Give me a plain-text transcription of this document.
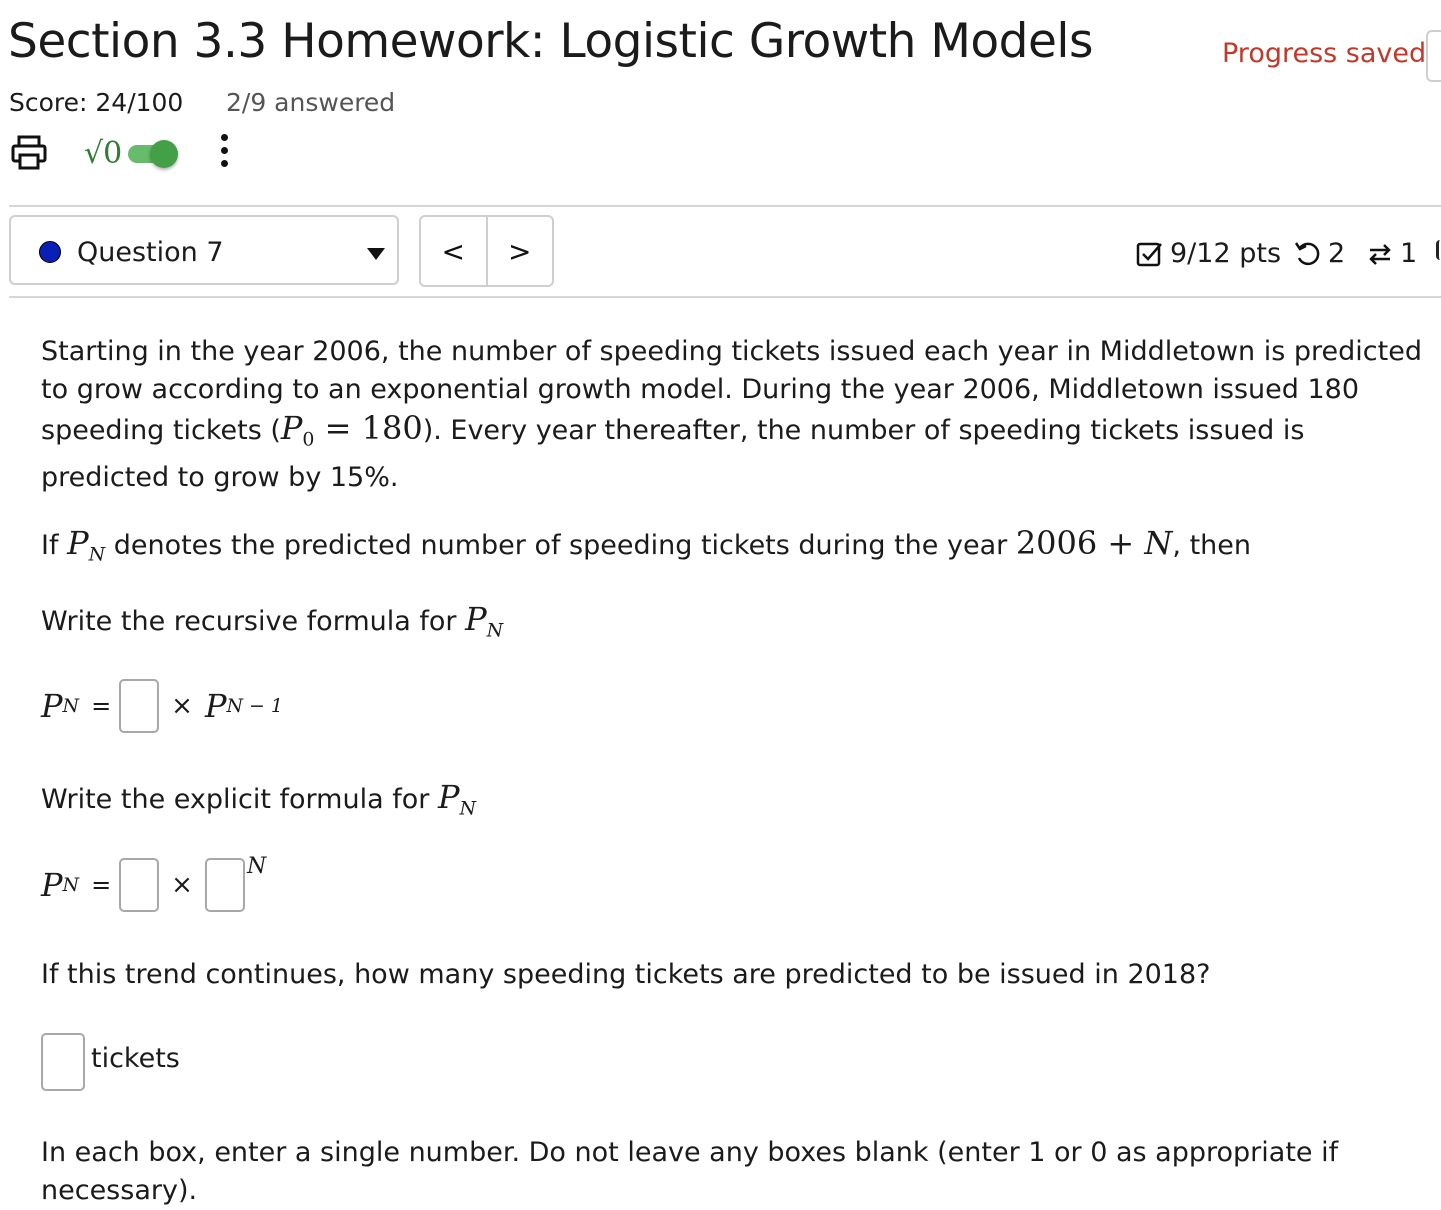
Section 3.3 Homework: Logistic Growth Models	Progress saved
Score: 24/100 2/9 answered
√0
Question 7	<	>	9/12 pts 2 1
Starting in the year 2006, the number of speeding tickets issued each year in Middletown is predicted to grow according to an exponential growth model. During the year 2006, Middletown issued 180 speeding tickets $(P_0 = 180)$. Every year thereafter, the number of speeding tickets issued is predicted to grow by 15%.
If $P_N$ denotes the predicted number of speeding tickets during the year 2006 + N, then
Write the recursive formula for $P_N$
P N = × P N − 1
Write the explicit formula for $P_N$
P N = ×
N
If this trend continues, how many speeding tickets are predicted to be issued in 2018?
tickets
In each box, enter a single number. Do not leave any boxes blank (enter 1 or 0 as appropriate if necessary).
